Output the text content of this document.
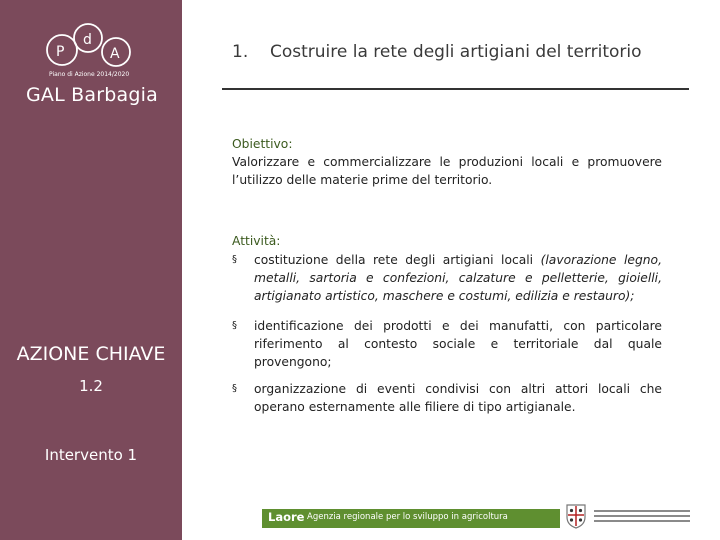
P
d
A
Piano di Azione 2014/2020
GAL Barbagia
AZIONE CHIAVE
1.2
Intervento 1
1. Costruire la rete degli artigiani del territorio
Obiettivo:
Valorizzare e commercializzare le produzioni locali e promuovere l’utilizzo delle materie prime del territorio.
Attività:
§ costituzione della rete degli artigiani locali (lavorazione legno, metalli, sartoria e confezioni, calzature e pelletterie, gioielli, artigianato artistico, maschere e costumi, edilizia e restauro);
§ identificazione dei prodotti e dei manufatti, con particolare riferimento al contesto sociale e territoriale dal quale provengono;
§ organizzazione di eventi condivisi con altri attori locali che operano esternamente alle filiere di tipo artigianale.
Laore Agenzia regionale per lo sviluppo in agricoltura
